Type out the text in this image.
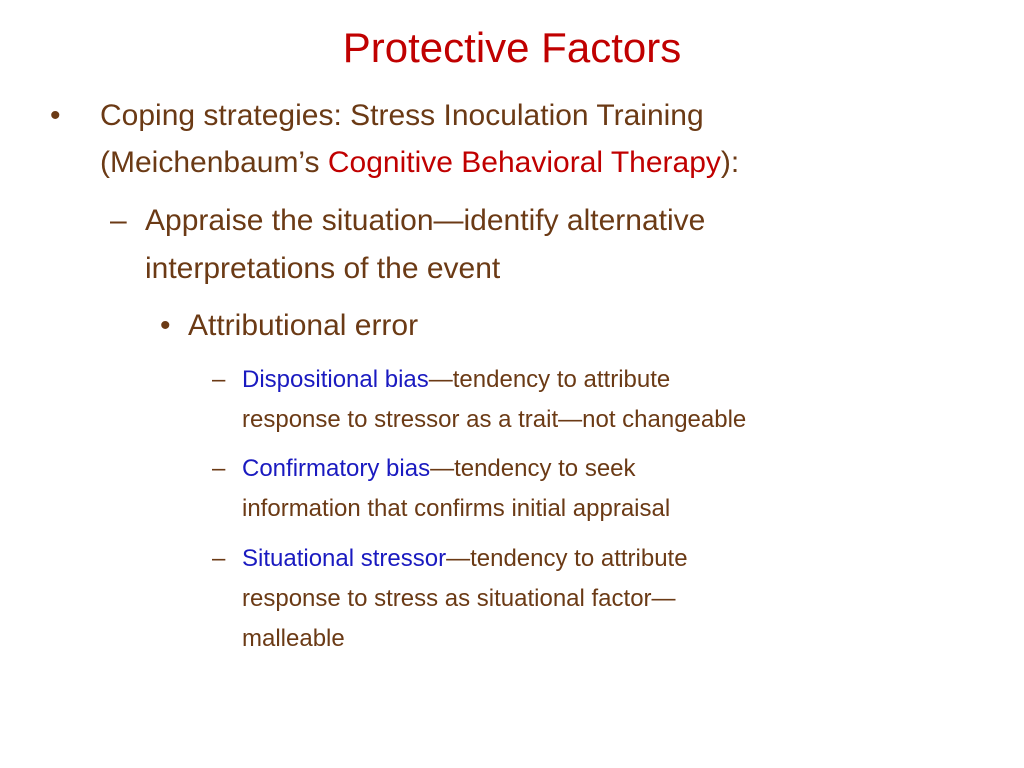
Protective Factors
• Coping strategies: Stress Inoculation Training
(Meichenbaum’s Cognitive Behavioral Therapy):
– Appraise the situation—identify alternative
interpretations of the event
• Attributional error
– Dispositional bias—tendency to attribute
response to stressor as a trait—not changeable
– Confirmatory bias—tendency to seek
information that confirms initial appraisal
– Situational stressor—tendency to attribute
response to stress as situational factor—
malleable
